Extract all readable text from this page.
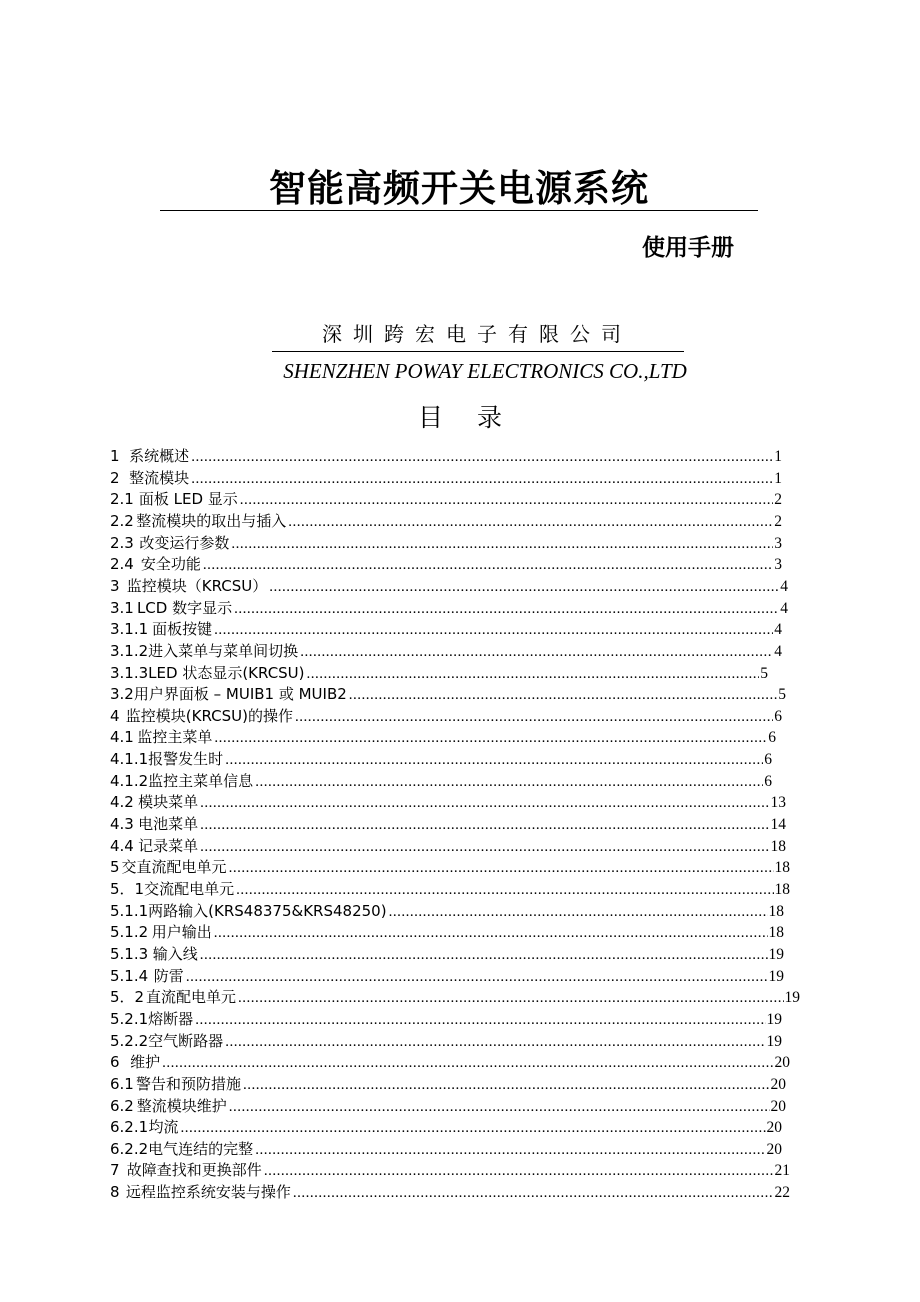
智能高频开关电源系统
使用手册
深圳跨宏电子有限公司
SHENZHEN POWAY ELECTRONICS CO.,LTD
目录
1 系统概述 .....	1
2 整流模块 .....	1
2.1 面板 LED 显示 .....	2
2.2 整流模块的取出与插入 .....	2
2.3 改变运行参数 .....	3
2.4 安全功能 .....	3
3 监控模块（KRCSU） .....	4
3.1 LCD 数字显示 .....	4
3.1.1 面板按键 .....	4
3.1.2 进入菜单与菜单间切换 .....	4
3.1.3 LED 状态显示(KRCSU) .....	5
3.2 用户界面板 – MUIB1 或 MUIB2 .....	5
4 监控模块(KRCSU)的操作 .....	6
4.1 监控主菜单 .....	6
4.1.1 报警发生时 .....	6
4.1.2 监控主菜单信息 .....	6
4.2 模块菜单 .....	13
4.3 电池菜单 .....	14
4.4 记录菜单 .....	18
5 交直流配电单元 .....	18
5．1 交流配电单元 .....	18
5.1.1 两路输入(KRS48375&KRS48250) .....	18
5.1.2 用户输出 .....	18
5.1.3 输入线 .....	19
5.1.4 防雷 .....	19
5．2 直流配电单元 .....	19
5.2.1 熔断器 .....	19
5.2.2 空气断路器 .....	19
6 维护 .....	20
6.1 警告和预防措施 .....	20
6.2 整流模块维护 .....	20
6.2.1 均流 .....	20
6.2.2 电气连结的完整 .....	20
7 故障查找和更换部件 .....	21
8 远程监控系统安装与操作 .....	22
